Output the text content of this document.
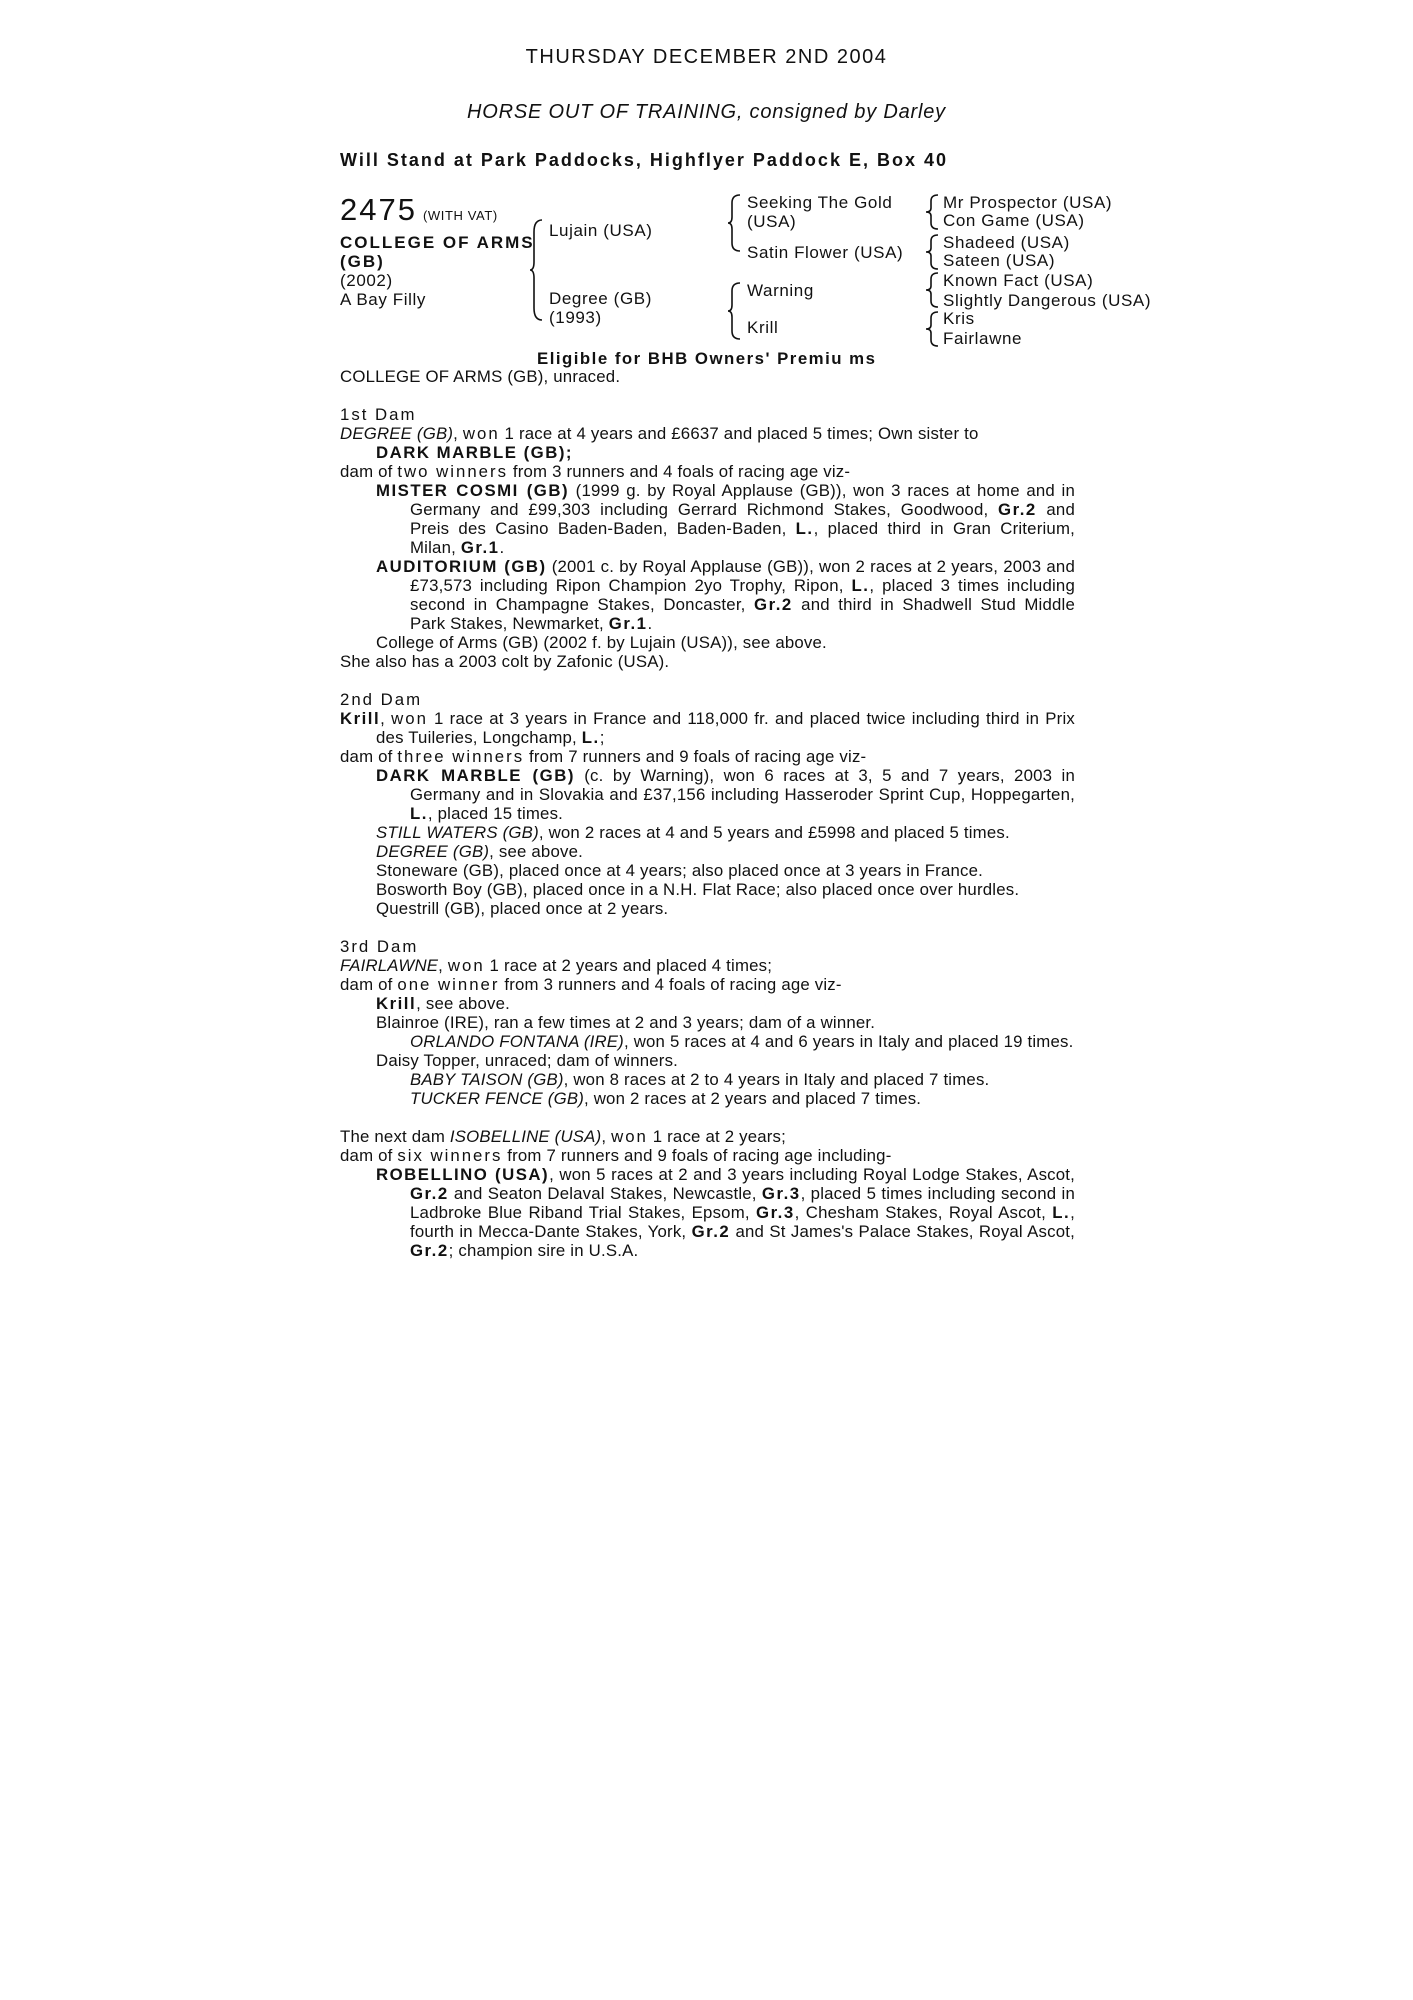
THURSDAY DECEMBER 2ND 2004
HORSE OUT OF TRAINING, consigned by Darley
Will Stand at Park Paddocks, Highflyer Paddock E, Box 40
2475 (WITH VAT)
COLLEGE OF ARMS
(GB)
(2002)
A Bay Filly
Lujain (USA)
Degree (GB)
(1993)
Seeking The Gold
(USA)
Satin Flower (USA)
Warning
Krill
Mr Prospector (USA)
Con Game (USA)
Shadeed (USA)
Sateen (USA)
Known Fact (USA)
Slightly Dangerous (USA)
Kris
Fairlawne
Eligible for BHB Owners' Premiu ms

COLLEGE OF ARMS (GB), unraced.

1st Dam

DEGREE (GB), won 1 race at 4 years and £6637 and placed 5 times; Own sister to

DARK MARBLE (GB);

dam of two winners from 3 runners and 4 foals of racing age viz-

MISTER COSMI (GB) (1999 g. by Royal Applause (GB)), won 3 races at home and in Germany and £99,303 including Gerrard Richmond Stakes, Goodwood, Gr.2 and Preis des Casino Baden-Baden, Baden-Baden, L., placed third in Gran Criterium, Milan, Gr.1.

AUDITORIUM (GB) (2001 c. by Royal Applause (GB)), won 2 races at 2 years, 2003 and £73,573 including Ripon Champion 2yo Trophy, Ripon, L., placed 3 times including second in Champagne Stakes, Doncaster, Gr.2 and third in Shadwell Stud Middle Park Stakes, Newmarket, Gr.1.

College of Arms (GB) (2002 f. by Lujain (USA)), see above.

She also has a 2003 colt by Zafonic (USA).

2nd Dam

Krill, won 1 race at 3 years in France and 118,000 fr. and placed twice including third in Prix des Tuileries, Longchamp, L.;

dam of three winners from 7 runners and 9 foals of racing age viz-

DARK MARBLE (GB) (c. by Warning), won 6 races at 3, 5 and 7 years, 2003 in Germany and in Slovakia and £37,156 including Hasseroder Sprint Cup, Hoppegarten, L., placed 15 times.

STILL WATERS (GB), won 2 races at 4 and 5 years and £5998 and placed 5 times.

DEGREE (GB), see above.

Stoneware (GB), placed once at 4 years; also placed once at 3 years in France.

Bosworth Boy (GB), placed once in a N.H. Flat Race; also placed once over hurdles.

Questrill (GB), placed once at 2 years.

3rd Dam

FAIRLAWNE, won 1 race at 2 years and placed 4 times;

dam of one winner from 3 runners and 4 foals of racing age viz-

Krill, see above.

Blainroe (IRE), ran a few times at 2 and 3 years; dam of a winner.

ORLANDO FONTANA (IRE), won 5 races at 4 and 6 years in Italy and placed 19 times.

Daisy Topper, unraced; dam of winners.

BABY TAISON (GB), won 8 races at 2 to 4 years in Italy and placed 7 times.

TUCKER FENCE (GB), won 2 races at 2 years and placed 7 times.

The next dam ISOBELLINE (USA), won 1 race at 2 years;

dam of six winners from 7 runners and 9 foals of racing age including-

ROBELLINO (USA), won 5 races at 2 and 3 years including Royal Lodge Stakes, Ascot, Gr.2 and Seaton Delaval Stakes, Newcastle, Gr.3, placed 5 times including second in Ladbroke Blue Riband Trial Stakes, Epsom, Gr.3, Chesham Stakes, Royal Ascot, L., fourth in Mecca-Dante Stakes, York, Gr.2 and St James's Palace Stakes, Royal Ascot, Gr.2; champion sire in U.S.A.
